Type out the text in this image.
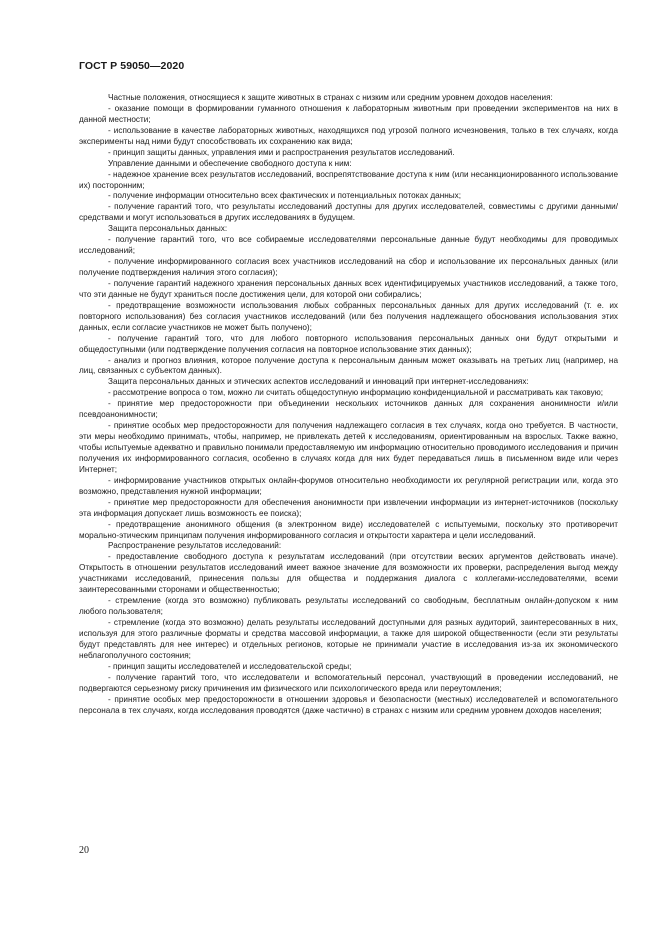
ГОСТ Р 59050—2020

Частные положения, относящиеся к защите животных в странах с низким или средним уровнем доходов населения:

- оказание помощи в формировании гуманного отношения к лабораторным животным при проведении экспериментов на них в данной местности;

- использование в качестве лабораторных животных, находящихся под угрозой полного исчезновения, только в тех случаях, когда эксперименты над ними будут способствовать их сохранению как вида;

- принцип защиты данных, управления ими и распространения результатов исследований.

Управление данными и обеспечение свободного доступа к ним:

- надежное хранение всех результатов исследований, воспрепятствование доступа к ним (или несанкционированного использование их) посторонним;

- получение информации относительно всех фактических и потенциальных потоках данных;

- получение гарантий того, что результаты исследований доступны для других исследователей, совместимы с другими данными/средствами и могут использоваться в других исследованиях в будущем.

Защита персональных данных:

- получение гарантий того, что все собираемые исследователями персональные данные будут необходимы для проводимых исследований;

- получение информированного согласия всех участников исследований на сбор и использование их персональных данных (или получение подтверждения наличия этого согласия);

- получение гарантий надежного хранения персональных данных всех идентифицируемых участников исследований, а также того, что эти данные не будут храниться после достижения цели, для которой они собирались;

- предотвращение возможности использования любых собранных персональных данных для других исследований (т. е. их повторного использования) без согласия участников исследований (или без получения надлежащего обоснования использования этих данных, если согласие участников не может быть получено);

- получение гарантий того, что для любого повторного использования персональных данных они будут открытыми и общедоступными (или подтверждение получения согласия на повторное использование этих данных);

- анализ и прогноз влияния, которое получение доступа к персональным данным может оказывать на третьих лиц (например, на лиц, связанных с субъектом данных).

Защита персональных данных и этических аспектов исследований и инноваций при интернет-исследованиях:

- рассмотрение вопроса о том, можно ли считать общедоступную информацию конфиденциальной и рассматривать как таковую;

- принятие мер предосторожности при объединении нескольких источников данных для сохранения анонимности и/или псевдоанонимности;

- принятие особых мер предосторожности для получения надлежащего согласия в тех случаях, когда оно требуется. В частности, эти меры необходимо принимать, чтобы, например, не привлекать детей к исследованиям, ориентированным на взрослых. Также важно, чтобы испытуемые адекватно и правильно понимали предоставляемую им информацию относительно проводимого исследования и причин получения их информированного согласия, особенно в случаях когда для них будет передаваться лишь в письменном виде или через Интернет;

- информирование участников открытых онлайн-форумов относительно необходимости их регулярной регистрации или, когда это возможно, представления нужной информации;

- принятие мер предосторожности для обеспечения анонимности при извлечении информации из интернет-источников (поскольку эта информация допускает лишь возможность ее поиска);

- предотвращение анонимного общения (в электронном виде) исследователей с испытуемыми, поскольку это противоречит морально-этическим принципам получения информированного согласия и открытости характера и цели исследований.

Распространение результатов исследований:

- предоставление свободного доступа к результатам исследований (при отсутствии веских аргументов действовать иначе). Открытость в отношении результатов исследований имеет важное значение для возможности их проверки, распределения выгод между участниками исследований, принесения пользы для общества и поддержания диалога с коллегами-исследователями, всеми заинтересованными сторонами и общественностью;

- стремление (когда это возможно) публиковать результаты исследований со свободным, бесплатным онлайн-допуском к ним любого пользователя;

- стремление (когда это возможно) делать результаты исследований доступными для разных аудиторий, заинтересованных в них, используя для этого различные форматы и средства массовой информации, а также для широкой общественности (если эти результаты будут представлять для нее интерес) и отдельных регионов, которые не принимали участие в исследования из-за их экономического неблагополучного состояния;

- принцип защиты исследователей и исследовательской среды;

- получение гарантий того, что исследователи и вспомогательный персонал, участвующий в проведении исследований, не подвергаются серьезному риску причинения им физического или психологического вреда или переутомления;

- принятие особых мер предосторожности в отношении здоровья и безопасности (местных) исследователей и вспомогательного персонала в тех случаях, когда исследования проводятся (даже частично) в странах с низким или средним уровнем доходов населения;

20
